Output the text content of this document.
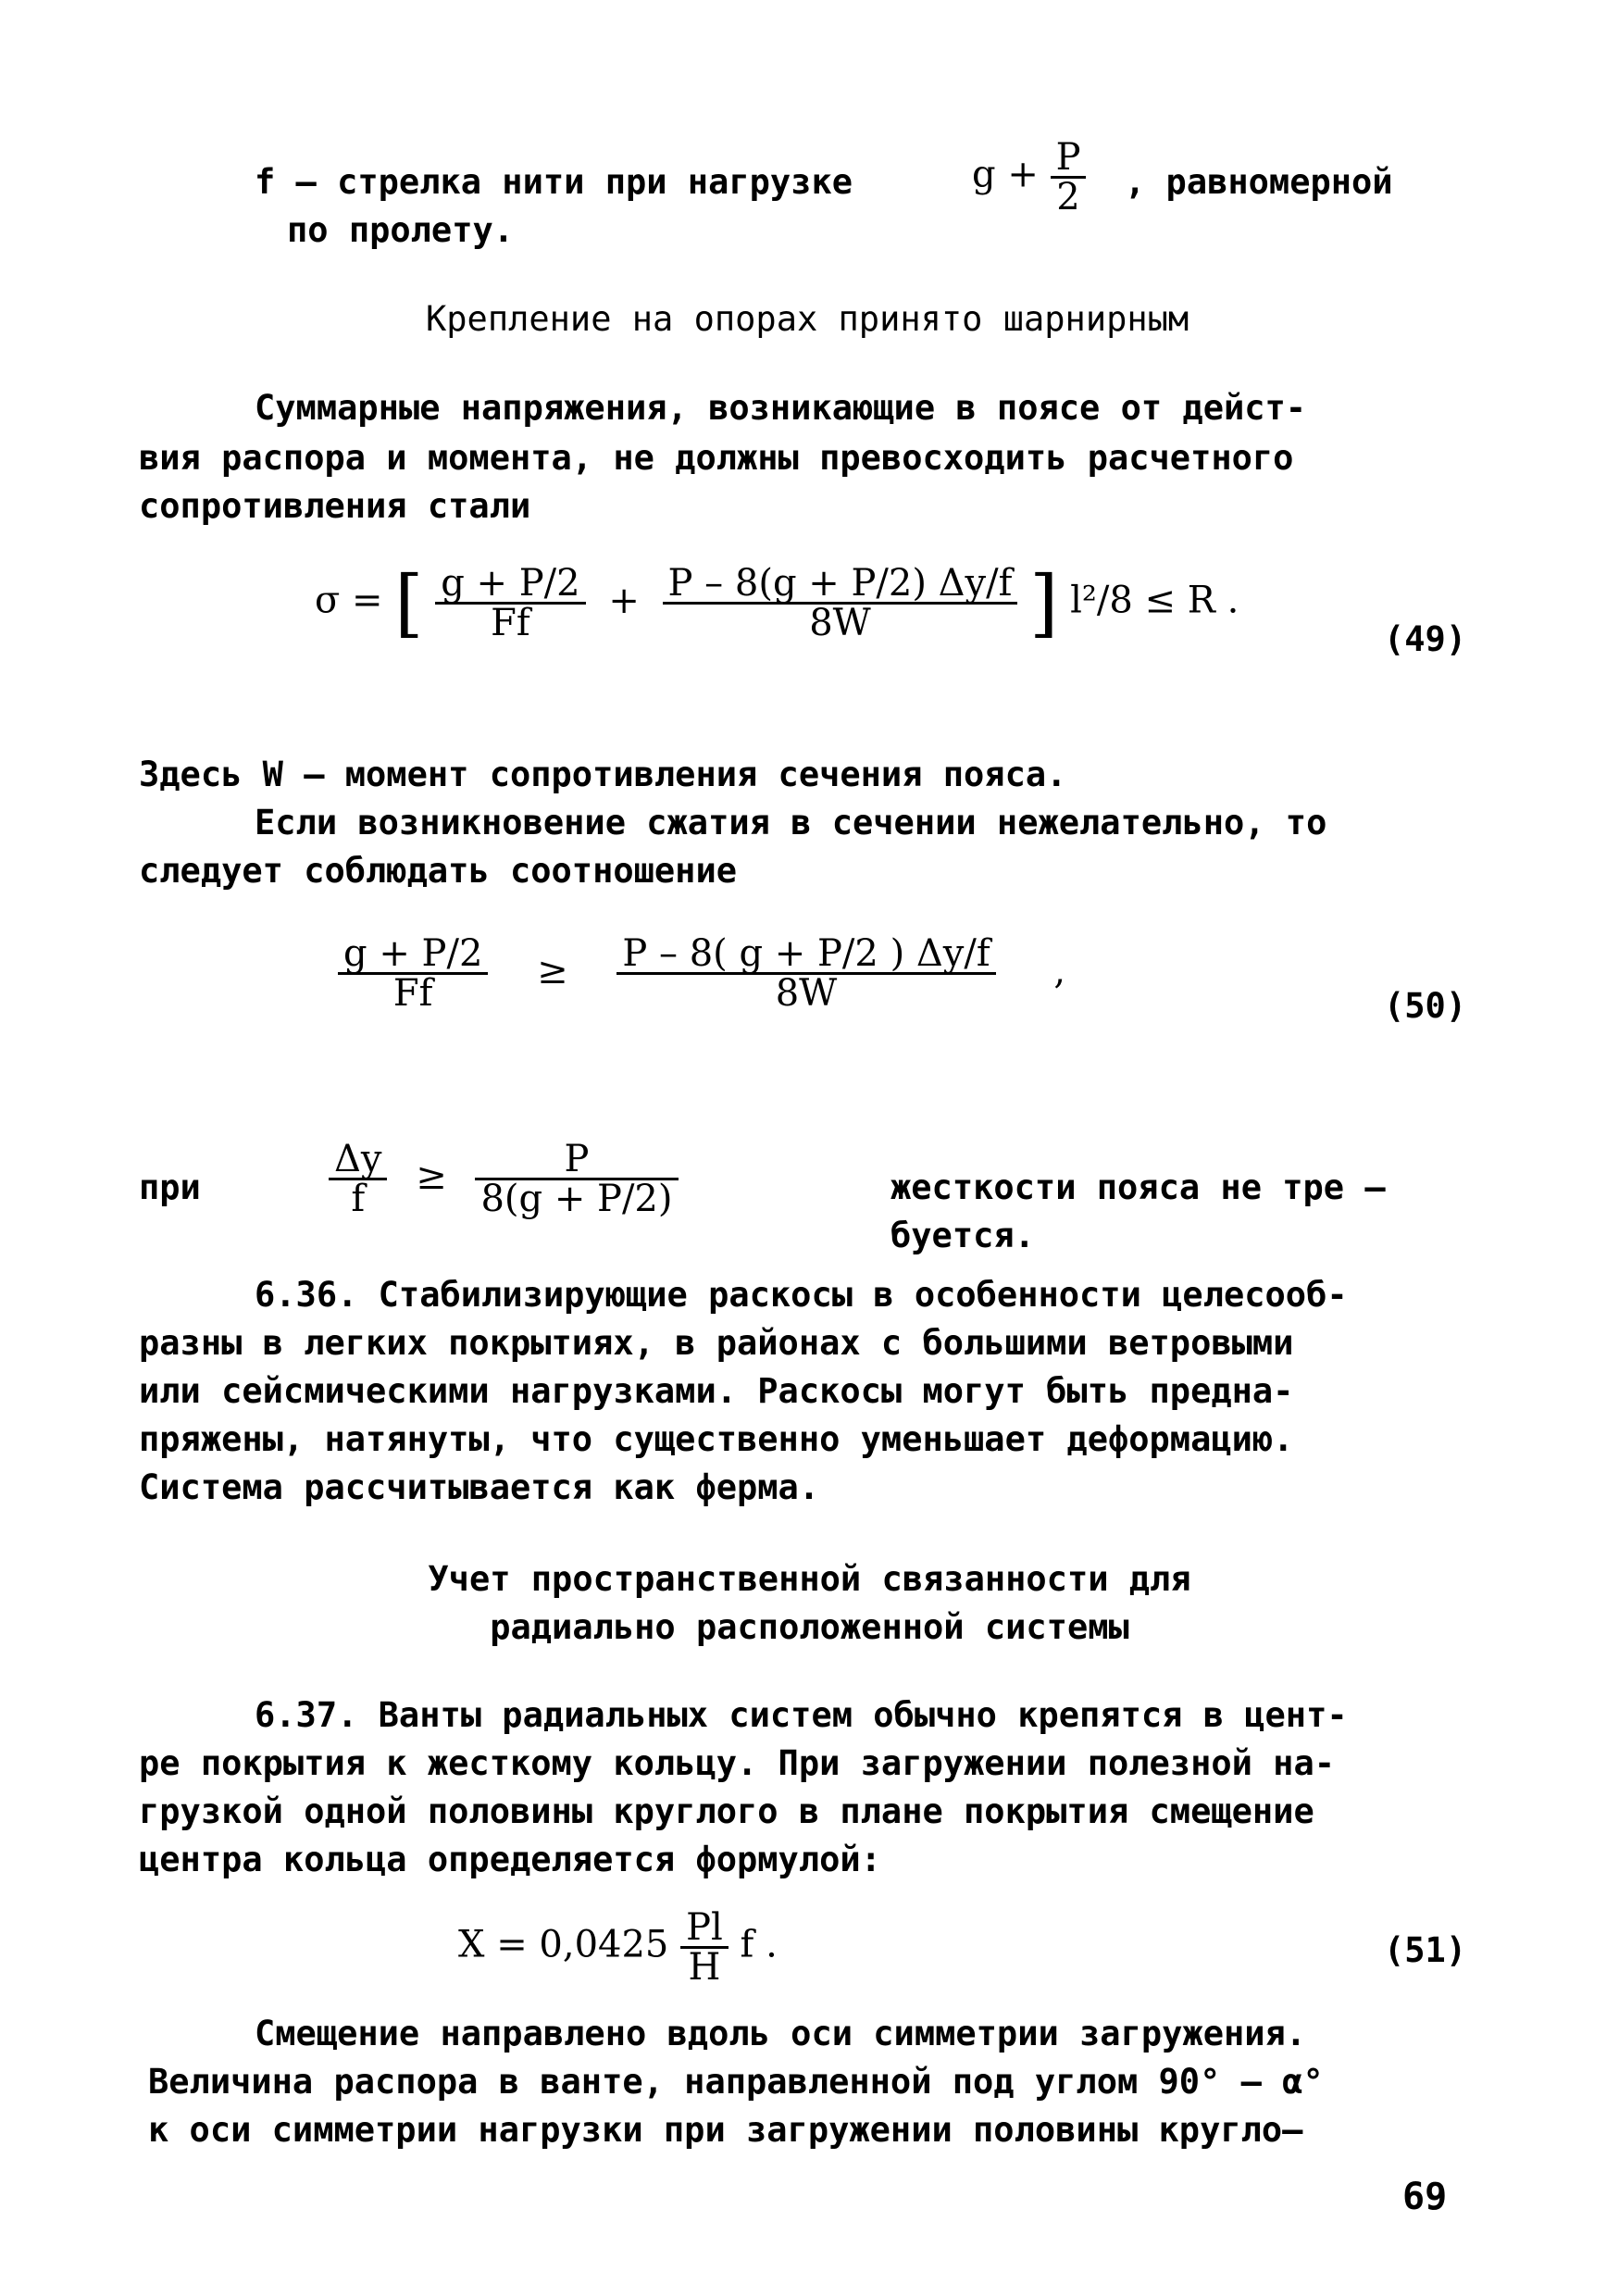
f – стрелка нити при нагрузке	$g + \frac{P}{2}$ , равномерной
по пролету.
Крепление на опорах принято шарнирным
Суммарные напряжения, возникающие в поясе от дейст-
вия распора и момента, не должны превосходить расчетного
сопротивления стали
σ = [ $\frac{g + P/2}{Ff} + \frac{P - 8(g + P/2) \Delta y/f}{8W}$ ] l²/8 ≤ R .
(49)
Здесь W – момент сопротивления сечения пояса.
Если возникновение сжатия в сечении нежелательно, то
следует соблюдать соотношение
$\frac{g + P/2}{Ff} \ge \frac{P - 8( g + P/2 ) \Delta y/f}{8W}$ ,
(50)
при	$\frac{\Delta y}{f} \ge \frac{P}{8(g + P/2)}$	жесткости пояса не тре –
буется.
6.36. Стабилизирующие раскосы в особенности целесооб-
разны в легких покрытиях, в районах с большими ветровыми
или сейсмическими нагрузками. Раскосы могут быть предна-
пряжены, натянуты, что существенно уменьшает деформацию.
Система рассчитывается как ферма.
Учет пространственной связанности для
радиально расположенной системы
6.37. Ванты радиальных систем обычно крепятся в цент-
ре покрытия к жесткому кольцу. При загружении полезной на-
грузкой одной половины круглого в плане покрытия смещение
центра кольца определяется формулой:
$X = 0,0425 \frac{Pl}{H}$ f .	(51)
Смещение направлено вдоль оси симметрии загружения.
Величина распора в ванте, направленной под углом 90° – α°
к оси симметрии нагрузки при загружении половины кругло–
69
